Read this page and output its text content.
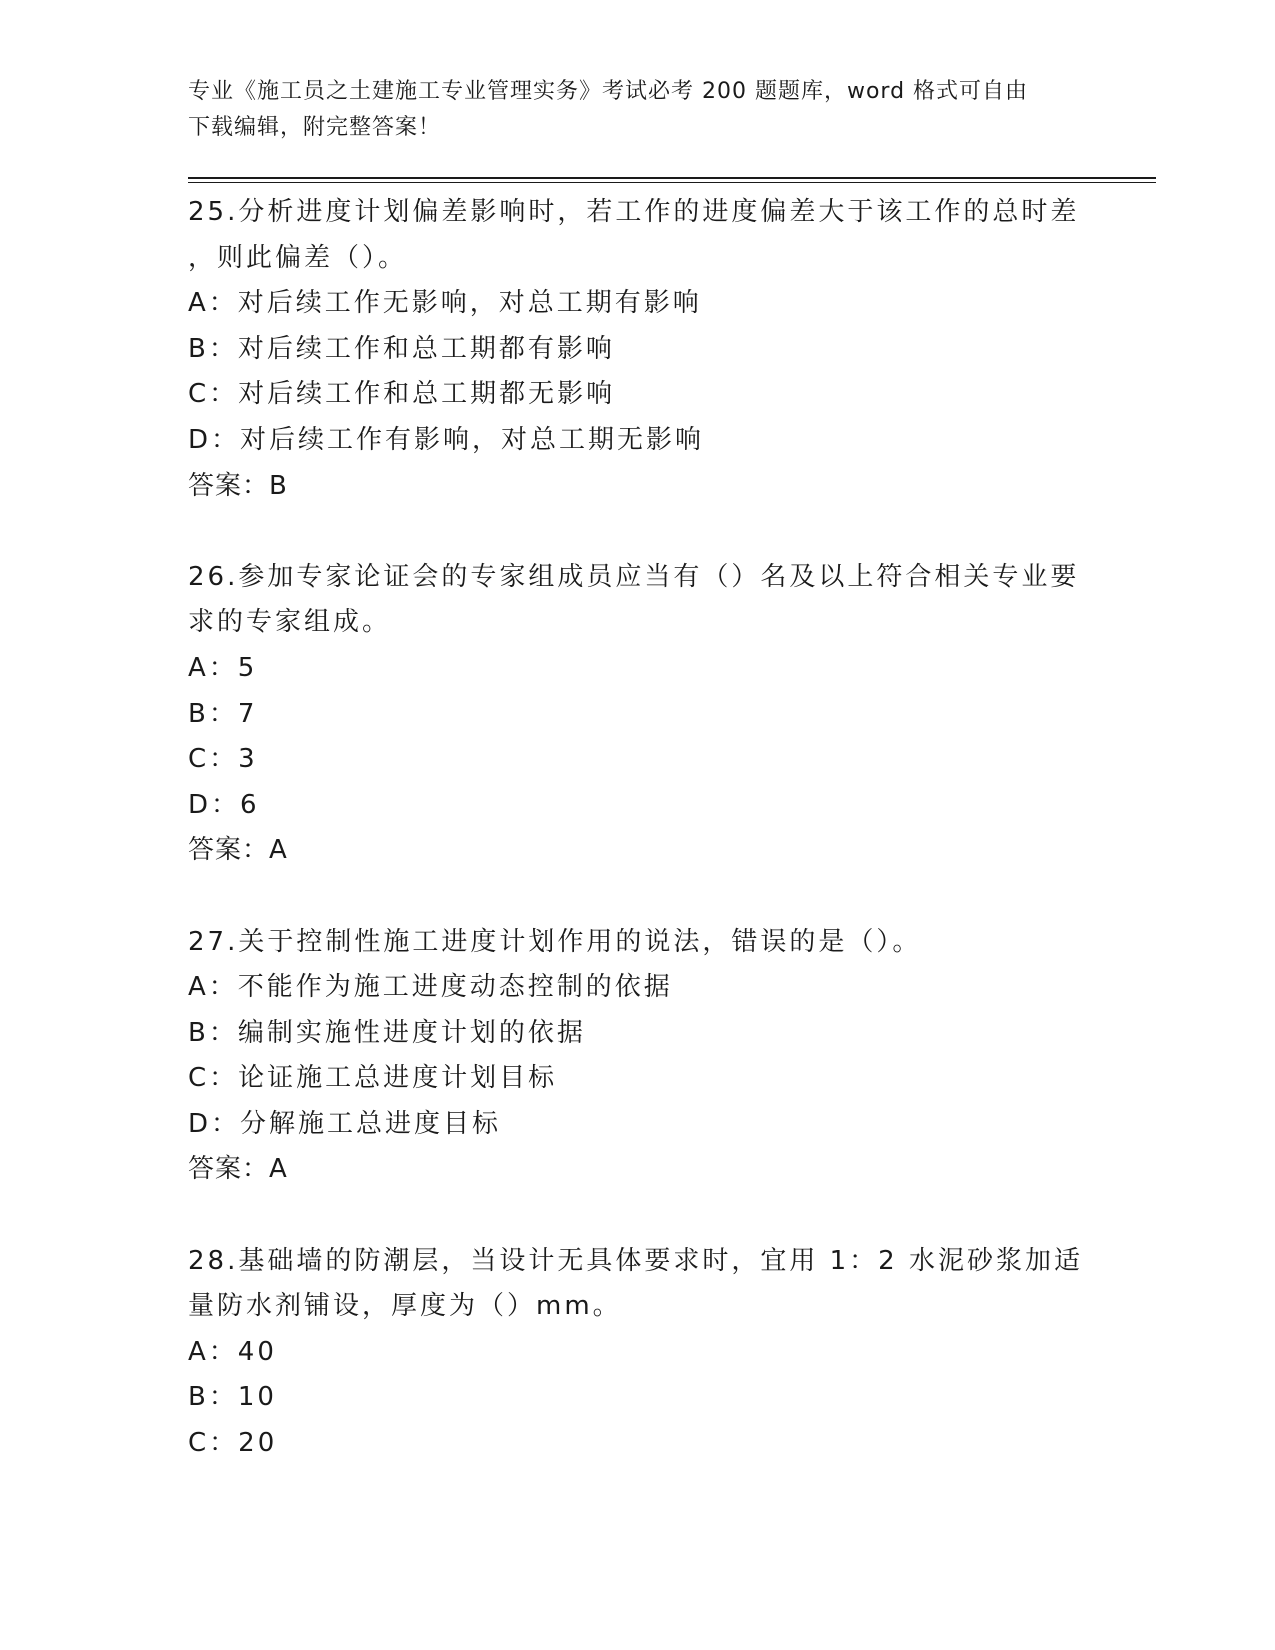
专业《施工员之土建施工专业管理实务》考试必考 200 题题库，word 格式可自由
下载编辑，附完整答案！
25.分析进度计划偏差影响时，若工作的进度偏差大于该工作的总时差
，则此偏差（）。
A：对后续工作无影响，对总工期有影响
B：对后续工作和总工期都有影响
C：对后续工作和总工期都无影响
D：对后续工作有影响，对总工期无影响
答案：B
26.参加专家论证会的专家组成员应当有（）名及以上符合相关专业要
求的专家组成。
A：5
B：7
C：3
D：6
答案：A
27.关于控制性施工进度计划作用的说法，错误的是（）。
A：不能作为施工进度动态控制的依据
B：编制实施性进度计划的依据
C：论证施工总进度计划目标
D：分解施工总进度目标
答案：A
28.基础墙的防潮层，当设计无具体要求时，宜用 1：2 水泥砂浆加适
量防水剂铺设，厚度为（）mm。
A：40
B：10
C：20
